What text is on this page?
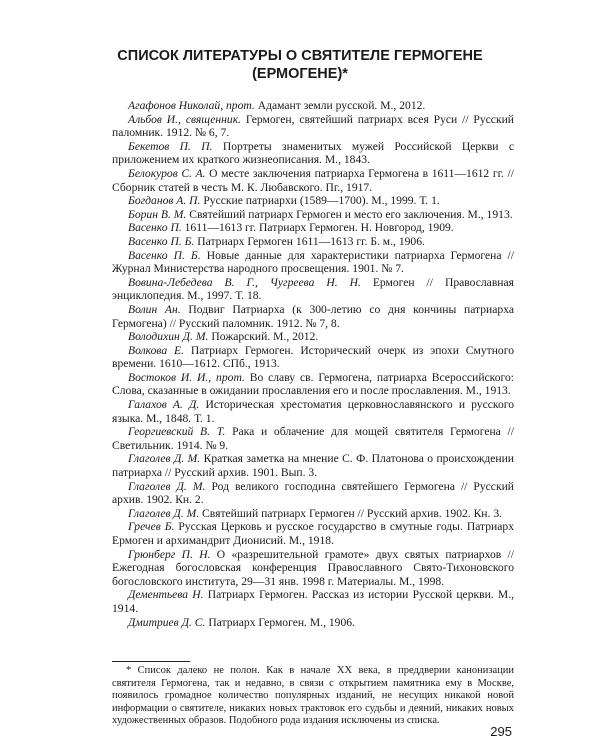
СПИСОК ЛИТЕРАТУРЫ О СВЯТИТЕЛЕ ГЕРМОГЕНЕ
(ЕРМОГЕНЕ)*

Агафонов Николай, прот. Адамант земли русской. М., 2012.

Альбов И., священник. Гермоген, святейший патриарх всея Руси // Русский паломник. 1912. № 6, 7.

Бекетов П. П. Портреты знаменитых мужей Российской Церкви с приложением их краткого жизнеописания. М., 1843.

Белокуров С. А. О месте заключения патриарха Гермогена в 1611—1612 гг. // Сборник статей в честь М. К. Любавского. Пг., 1917.

Богданов А. П. Русские патриархи (1589—1700). М., 1999. Т. 1.

Борин В. М. Святейший патриарх Гермоген и место его заключения. М., 1913.

Васенко П. 1611—1613 гг. Патриарх Гермоген. Н. Новгород, 1909.

Васенко П. Б. Патриарх Гермоген 1611—1613 гг. Б. м., 1906.

Васенко П. Б. Новые данные для характеристики патриарха Гермогена // Журнал Министерства народного просвещения. 1901. № 7.

Вовина-Лебедева В. Г., Чугреева Н. Н. Ермоген // Православная энциклопедия. М., 1997. Т. 18.

Волин Ан. Подвиг Патриарха (к 300-летию со дня кончины патриарха Гермогена) // Русский паломник. 1912. № 7, 8.

Володихин Д. М. Пожарский. М., 2012.

Волкова Е. Патриарх Гермоген. Исторический очерк из эпохи Смутного времени. 1610—1612. СПб., 1913.

Востоков И. И., прот. Во славу св. Гермогена, патриарха Всероссийского: Слова, сказанные в ожидании прославления его и после прославления. М., 1913.

Галахов А. Д. Историческая хрестоматия церковнославянского и русского языка. М., 1848. Т. 1.

Георгиевский В. Т. Рака и облачение для мощей святителя Гермогена // Светильник. 1914. № 9.

Глаголев Д. М. Краткая заметка на мнение С. Ф. Платонова о происхождении патриарха // Русский архив. 1901. Вып. 3.

Глаголев Д. М. Род великого господина святейшего Гермогена // Русский архив. 1902. Кн. 2.

Глаголев Д. М. Святейший патриарх Гермоген // Русский архив. 1902. Кн. 3.

Гречев Б. Русская Церковь и русское государство в смутные годы. Патриарх Ермоген и архимандрит Дионисий. М., 1918.

Грюнберг П. Н. О «разрешительной грамоте» двух святых патриархов // Ежегодная богословская конференция Православного Свято-Тихоновского богословского института, 29—31 янв. 1998 г. Материалы. М., 1998.

Дементьева Н. Патриарх Гермоген. Рассказ из истории Русской церкви. М., 1914.

Дмитриев Д. С. Патриарх Гермоген. М., 1906.

* Список далеко не полон. Как в начале ХХ века, в преддверии канонизации святителя Гермогена, так и недавно, в связи с открытием памятника ему в Москве, появилось громадное количество популярных изданий, не несущих никакой новой информации о святителе, никаких новых трактовок его судьбы и деяний, никаких новых художественных образов. Подобного рода издания исключены из списка.
295
